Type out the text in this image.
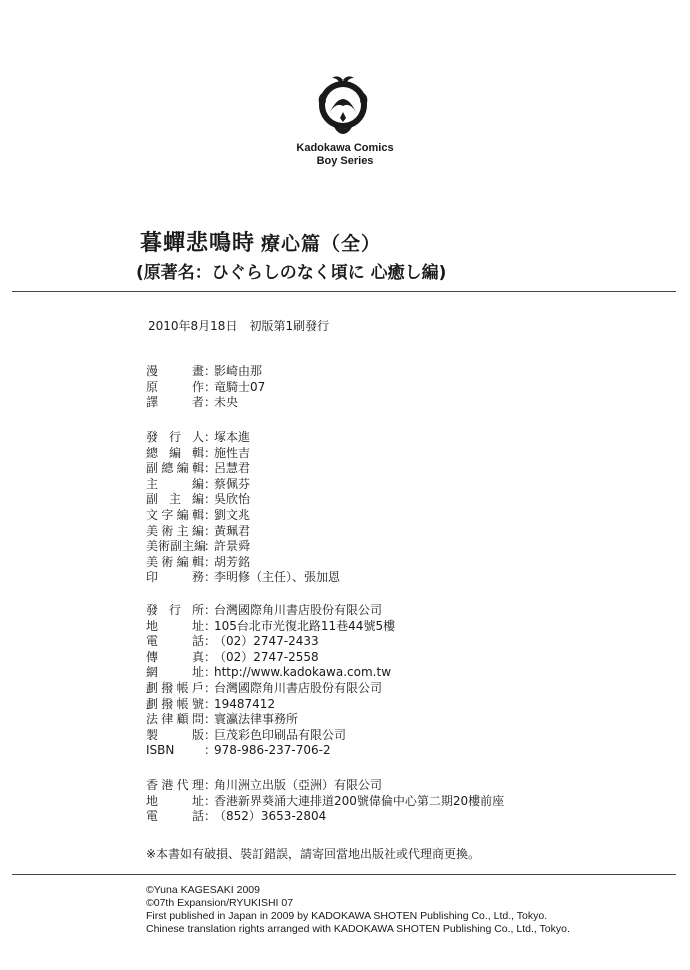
Kadokawa Comics
Boy Series
暮蟬悲鳴時 療心篇（全）
(原著名：ひぐらしのなく頃に 心癒し編)
2010年8月18日　初版第1刷發行
漫畫 ：
影崎由那
原作 ：
竜騎士07
譯者 ：
未央
發行人 ：
塚本進
總編輯 ：
施性吉
副總編輯 ：
呂慧君
主編 ：
蔡佩芬
副主編 ：
吳欣怡
文字編輯 ：
劉文兆
美術主編 ：
黃珮君
美術副主編
：
許景舜
美術編輯 ：
胡芳銘
印務 ：
李明修（主任）、張加恩
發行所 ：
台灣國際角川書店股份有限公司
地址 ：
105台北市光復北路11巷44號5樓
電話 ：
（02）2747-2433
傳真 ：
（02）2747-2558
網址 ：
http://www.kadokawa.com.tw
劃撥帳戶 ：
台灣國際角川書店股份有限公司
劃撥帳號 ：
19487412
法律顧問 ：
寰瀛法律事務所
製版 ：
巨茂彩色印刷品有限公司
ISBN	：
978-986-237-706-2
香港代理 ：
角川洲立出版（亞洲）有限公司
地址 ：
香港新界葵涌大連排道200號偉倫中心第二期20樓前座
電話 ：
（852）3653-2804
※本書如有破損、裝訂錯誤，請寄回當地出版社或代理商更換。
©Yuna KAGESAKI 2009
©07th Expansion/RYUKISHI 07
First published in Japan in 2009 by KADOKAWA SHOTEN Publishing Co., Ltd., Tokyo.
Chinese translation rights arranged with KADOKAWA SHOTEN Publishing Co., Ltd., Tokyo.
